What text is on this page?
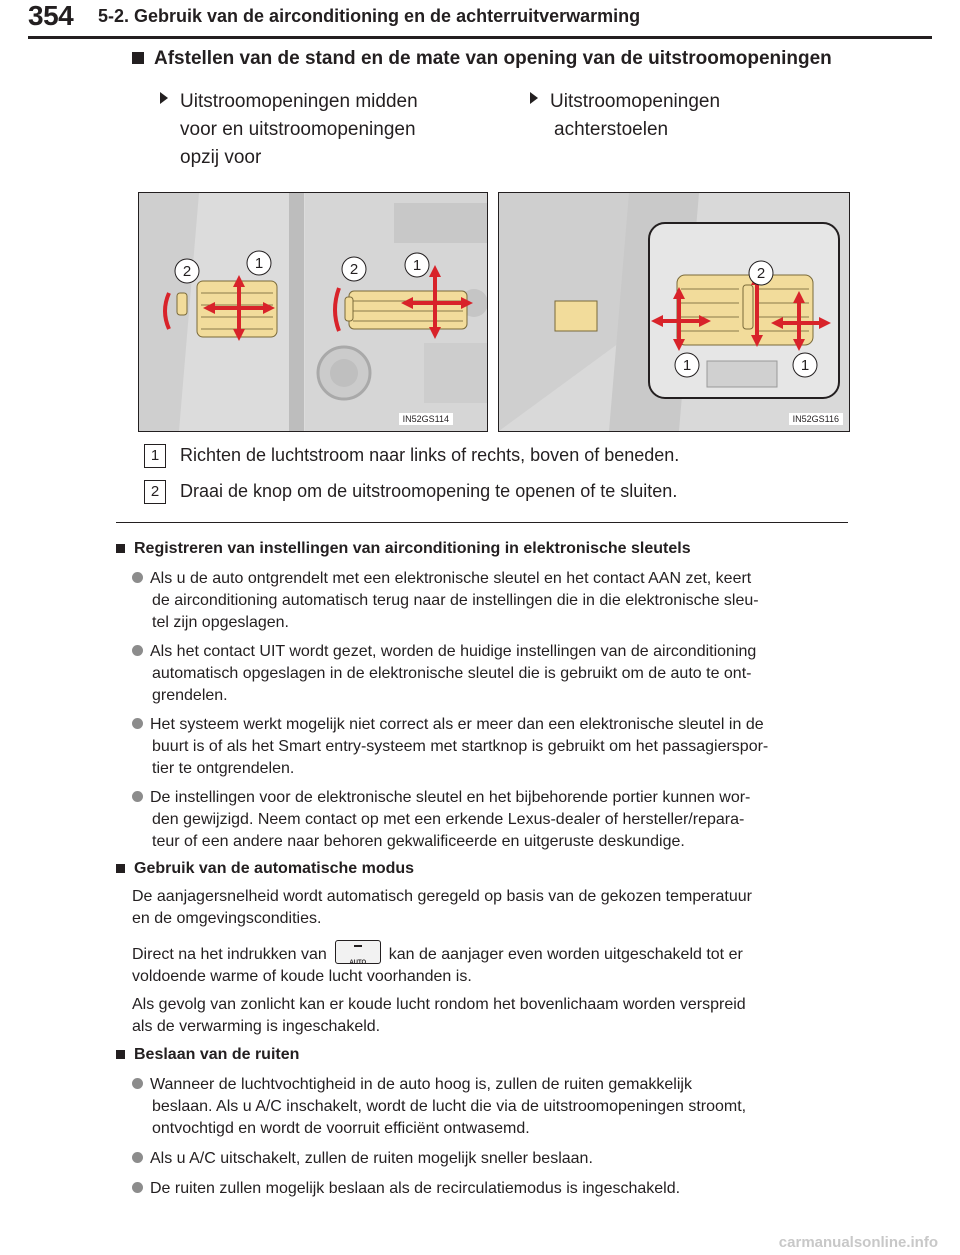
354 5-2. Gebruik van de airconditioning en de achterruitverwarming
Afstellen van de stand en de mate van opening van de uitstroomopeningen
Uitstroomopeningen midden
voor en uitstroomopeningen
opzij voor
Uitstroomopeningen
achterstoelen
2	1	2	1
IN52GS114
2
1	1
IN52GS116
1 Richten de luchtstroom naar links of rechts, boven of beneden.
2 Draai de knop om de uitstroomopening te openen of te sluiten.
Registreren van instellingen van airconditioning in elektronische sleutels
Als u de auto ontgrendelt met een elektronische sleutel en het contact AAN zet, keert
de airconditioning automatisch terug naar de instellingen die in die elektronische sleu-
tel zijn opgeslagen.
Als het contact UIT wordt gezet, worden de huidige instellingen van de airconditioning
automatisch opgeslagen in de elektronische sleutel die is gebruikt om de auto te ont-
grendelen.
Het systeem werkt mogelijk niet correct als er meer dan een elektronische sleutel in de
buurt is of als het Smart entry-systeem met startknop is gebruikt om het passagierspor-
tier te ontgrendelen.
De instellingen voor de elektronische sleutel en het bijbehorende portier kunnen wor-
den gewijzigd. Neem contact op met een erkende Lexus-dealer of hersteller/repara-
teur of een andere naar behoren gekwalificeerde en uitgeruste deskundige.
Gebruik van de automatische modus
De aanjagersnelheid wordt automatisch geregeld op basis van de gekozen temperatuur
en de omgevingscondities.
Direct na het indrukken van	AUTO	kan de aanjager even worden uitgeschakeld tot er
voldoende warme of koude lucht voorhanden is.
Als gevolg van zonlicht kan er koude lucht rondom het bovenlichaam worden verspreid
als de verwarming is ingeschakeld.
Beslaan van de ruiten
Wanneer de luchtvochtigheid in de auto hoog is, zullen de ruiten gemakkelijk
beslaan. Als u A/C inschakelt, wordt de lucht die via de uitstroomopeningen stroomt,
ontvochtigd en wordt de voorruit efficiënt ontwasemd.
Als u A/C uitschakelt, zullen de ruiten mogelijk sneller beslaan.
De ruiten zullen mogelijk beslaan als de recirculatiemodus is ingeschakeld.
carmanualsonline.info
